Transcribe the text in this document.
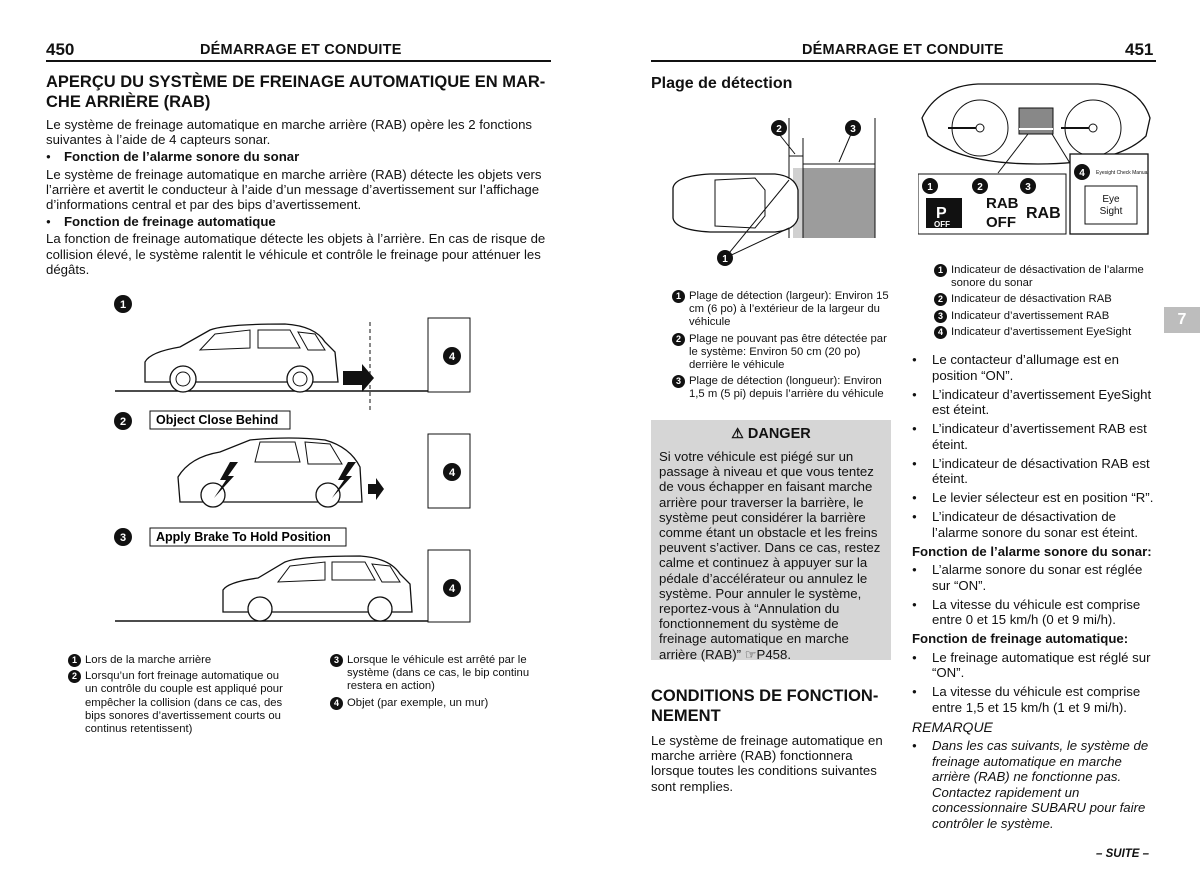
450	DÉMARRAGE ET CONDUITE
APERÇU DU SYSTÈME DE FREINAGE AUTOMATIQUE EN MAR-
CHE ARRIÈRE (RAB)
Le système de freinage automatique en marche arrière (RAB) opère les 2 fonctions suivantes à l’aide de 4 capteurs sonar.
● Fonction de l’alarme sonore du sonar
Le système de freinage automatique en marche arrière (RAB) détecte les objets vers l’arrière et avertit le conducteur à l’aide d’un message d’avertissement sur l’affichage d’informations central et par des bips d’avertissement.
● Fonction de freinage automatique
La fonction de freinage automatique détecte les objets à l’arrière. En cas de risque de collision élevé, le système ralentit le véhicule et contrôle le freinage pour atténuer les dégâts.
1
4
2 Object Close Behind
4
3 Apply Brake To Hold Position
4
1 Lors de la marche arrière
2 Lorsqu’un fort freinage automatique ou un contrôle du couple est appliqué pour empêcher la collision (dans ce cas, des bips sonores d’avertissement courts ou continus retentissent)
3 Lorsque le véhicule est arrêté par le système (dans ce cas, le bip continu restera en action)
4 Objet (par exemple, un mur)
DÉMARRAGE ET CONDUITE	451
Plage de détection
1
2	3
1 Plage de détection (largeur): Environ 15 cm (6 po) à l’extérieur de la largeur du véhicule
2 Plage ne pouvant pas être détectée par le système: Environ 50 cm (20 po) derrière le véhicule
3 Plage de détection (longueur): Environ 1,5 m (5 pi) depuis l’arrière du véhicule
⚠ DANGER
Si votre véhicule est piégé sur un passage à niveau et que vous tentez de vous échapper en faisant marche arrière pour traverser la barrière, le système peut considérer la barrière comme étant un obstacle et les freins peuvent s’activer. Dans ce cas, restez calme et continuez à appuyer sur la pédale d’accélérateur ou annulez le système. Pour annuler le système, reportez-vous à “Annulation du fonctionnement du système de freinage automatique en marche arrière (RAB)” ☞P458.
CONDITIONS DE FONCTION-
NEMENT
Le système de freinage automatique en marche arrière (RAB) fonctionnera lorsque toutes les conditions suivantes sont remplies.
1	2	3
4
P
OFF
RAB
OFF
RAB
Eyesight Check Manual
Eye
Sight
1 Indicateur de désactivation de l’alarme sonore du sonar
2 Indicateur de désactivation RAB
3 Indicateur d’avertissement RAB
4 Indicateur d’avertissement EyeSight
● Le contacteur d’allumage est en position “ON”.
● L’indicateur d’avertissement EyeSight est éteint.
● L’indicateur d’avertissement RAB est éteint.
● L’indicateur de désactivation RAB est éteint.
● Le levier sélecteur est en position “R”.
● L’indicateur de désactivation de l’alarme sonore du sonar est éteint.
Fonction de l’alarme sonore du sonar:
● L’alarme sonore du sonar est réglée sur “ON”.
● La vitesse du véhicule est comprise entre 0 et 15 km/h (0 et 9 mi/h).
Fonction de freinage automatique:
● Le freinage automatique est réglé sur “ON”.
● La vitesse du véhicule est comprise entre 1,5 et 15 km/h (1 et 9 mi/h).
REMARQUE
● Dans les cas suivants, le système de freinage automatique en marche arrière (RAB) ne fonctionne pas. Contactez rapidement un concessionnaire SUBARU pour faire contrôler le système.
– SUITE –
7
